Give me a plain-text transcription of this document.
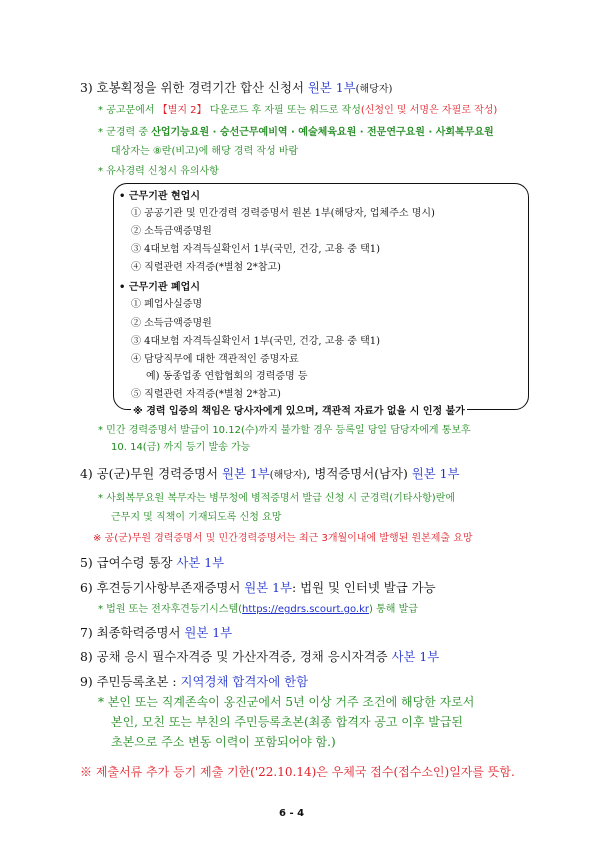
3) 호봉획정을 위한 경력기간 합산 신청서 원본 1부(해당자)
* 공고문에서 【별지 2】 다운로드 후 자필 또는 워드로 작성(신청인 및 서명은 자필로 작성)
* 군경력 중 산업기능요원 · 승선근무예비역 · 예술체육요원 · 전문연구요원 · 사회복무요원
대상자는 ⑧란(비고)에 해당 경력 작성 바람
* 유사경력 신청시 유의사항
• 근무기관 현업시
① 공공기관 및 민간경력 경력증명서 원본 1부(해당자, 업체주소 명시)
② 소득금액증명원
③ 4대보험 자격득실확인서 1부(국민, 건강, 고용 중 택1)
④ 직렬관련 자격증(*별첨 2*참고)
• 근무기관 폐업시
① 폐업사실증명
② 소득금액증명원
③ 4대보험 자격득실확인서 1부(국민, 건강, 고용 중 택1)
④ 담당직무에 대한 객관적인 증명자료
예) 동종업종 연합협회의 경력증명 등
⑤ 직렬관련 자격증(*별첨 2*참고)
※ 경력 입증의 책임은 당사자에게 있으며, 객관적 자료가 없을 시 인정 불가
* 민간 경력증명서 발급이 10.12(수)까지 불가할 경우 등록일 당일 담당자에게 통보후
10. 14(금) 까지 등기 발송 가능
4) 공(군)무원 경력증명서 원본 1부(해당자), 병적증명서(남자) 원본 1부
* 사회복무요원 복무자는 병무청에 병적증명서 발급 신청 시 군경력(기타사항)란에
근무지 및 직책이 기재되도록 신청 요망
※ 공(군)무원 경력증명서 및 민간경력증명서는 최근 3개월이내에 발행된 원본제출 요망
5) 급여수령 통장 사본 1부
6) 후견등기사항부존재증명서 원본 1부: 법원 및 인터넷 발급 가능
* 법원 또는 전자후견등기시스템(https://egdrs.scourt.go.kr) 통해 발급
7) 최종학력증명서 원본 1부
8) 공채 응시 필수자격증 및 가산자격증, 경채 응시자격증 사본 1부
9) 주민등록초본 : 지역경채 합격자에 한함
* 본인 또는 직계존속이 옹진군에서 5년 이상 거주 조건에 해당한 자로서
본인, 모친 또는 부친의 주민등록초본(최종 합격자 공고 이후 발급된
초본으로 주소 변동 이력이 포함되어야 함.)
※ 제출서류 추가 등기 제출 기한('22.10.14)은 우체국 접수(접수소인)일자를 뜻함.
6 - 4
